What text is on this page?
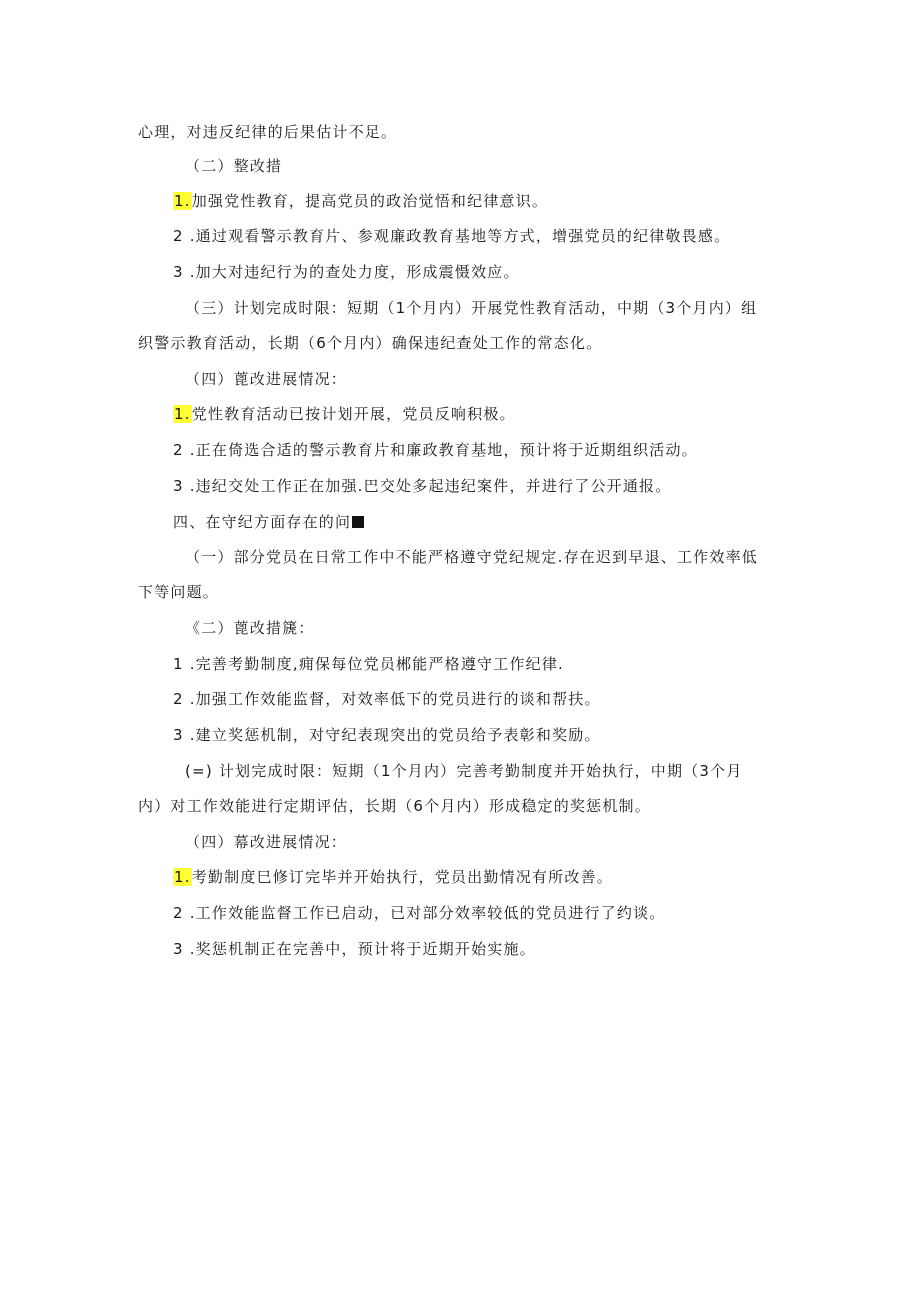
心理，对违反纪律的后果估计不足。
（二）整改措
1.加强党性教育，提高党员的政治觉悟和纪律意识。
2 .通过观看警示教育片、参观廉政教育基地等方式，增强党员的纪律敬畏感。
3 .加大对违纪行为的查处力度，形成震慑效应。
（三）计划完成时限：短期（1个月内）开展党性教育活动，中期（3个月内）组
织警示教育活动，长期（6个月内）确保违纪查处工作的常态化。
（四）蓖改进展情况：
1.党性敎育活动已按计划开展，党员反响积极。
2 .正在倚选合适的警示教育片和廉政教育基地，预计将于近期组织活动。
3 .违纪交处工作正在加强.巴交处多起违纪案件，并进行了公开通报。
四、在守纪方面存在的问
（一）部分党员在日常工作中不能严格遵守党纪规定.存在迟到早退、工作效率低
下等问题。
《二）蓖改措篪：
1 .完善考勤制度,痈保每位党员郴能严格遵守工作纪律.
2 .加强工作效能监督，对效率低下的党员进行的谈和帮扶。
3 .建立奖惩机制，对守纪表现突出的党员给予表彰和奖励。
(=) 计划完成时限：短期（1个月内）完善考勤制度并开始执行，中期（3个月
内）对工作效能进行定期评估，长期（6个月内）形成稳定的奖惩机制。
（四）幕改进展情况：
1.考勤制度巳修订完毕并开始执行，党员出勤情况有所改善。
2 .工作效能监督工作已启动，已对部分效率较低的党员进行了约谈。
3 .奖惩机制正在完善中，预计将于近期开始实施。
